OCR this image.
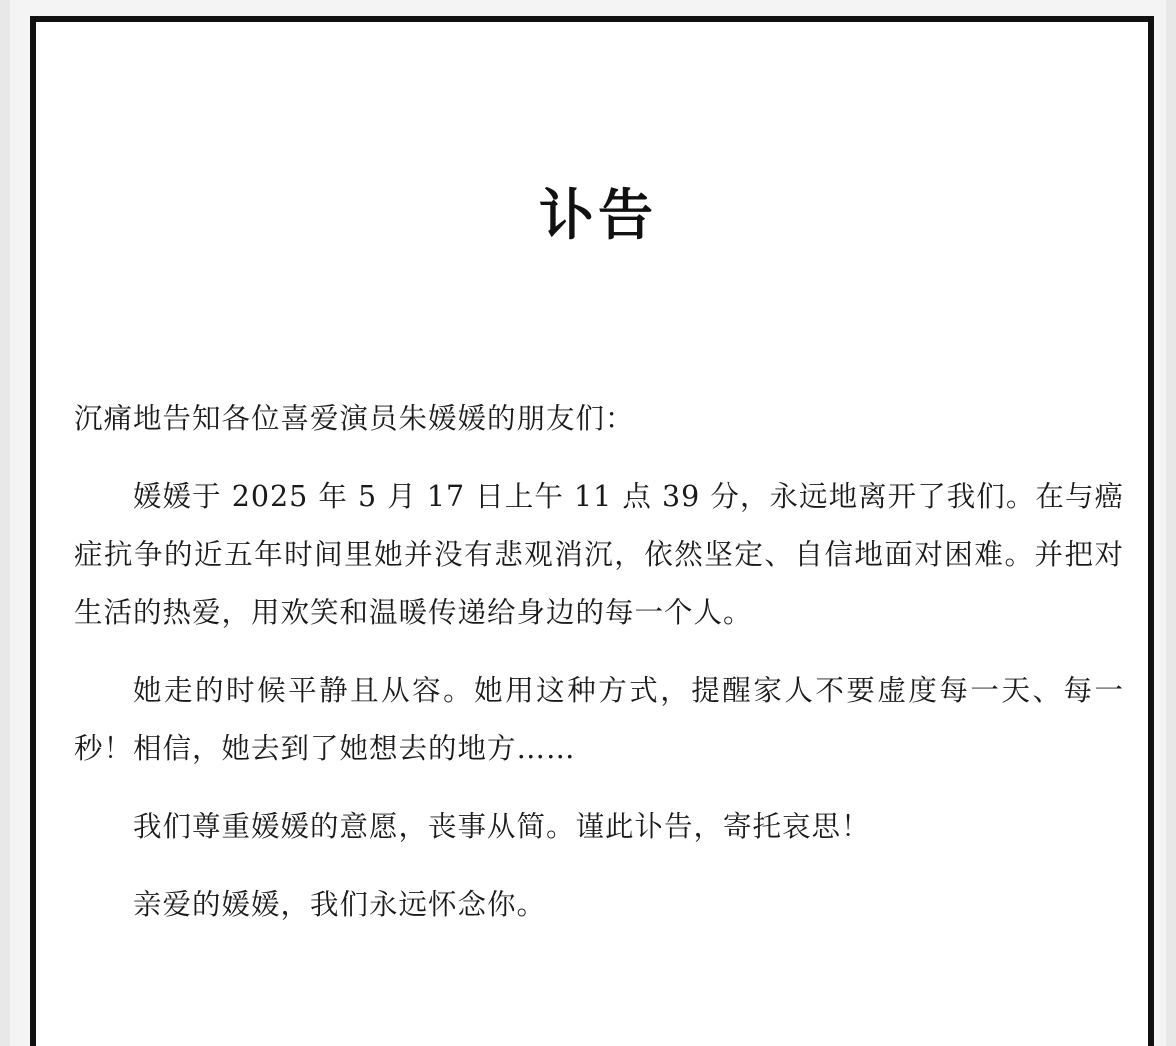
讣告

沉痛地告知各位喜爱演员朱媛媛的朋友们：

媛媛于 2025 年 5 月 17 日上午 11 点 39 分，永远地离开了我们。在与癌症抗争的近五年时间里她并没有悲观消沉，依然坚定、自信地面对困难。并把对生活的热爱，用欢笑和温暖传递给身边的每一个人。

她走的时候平静且从容。她用这种方式，提醒家人不要虚度每一天、每一秒！相信，她去到了她想去的地方……

我们尊重媛媛的意愿，丧事从简。谨此讣告，寄托哀思！

亲爱的媛媛，我们永远怀念你。
